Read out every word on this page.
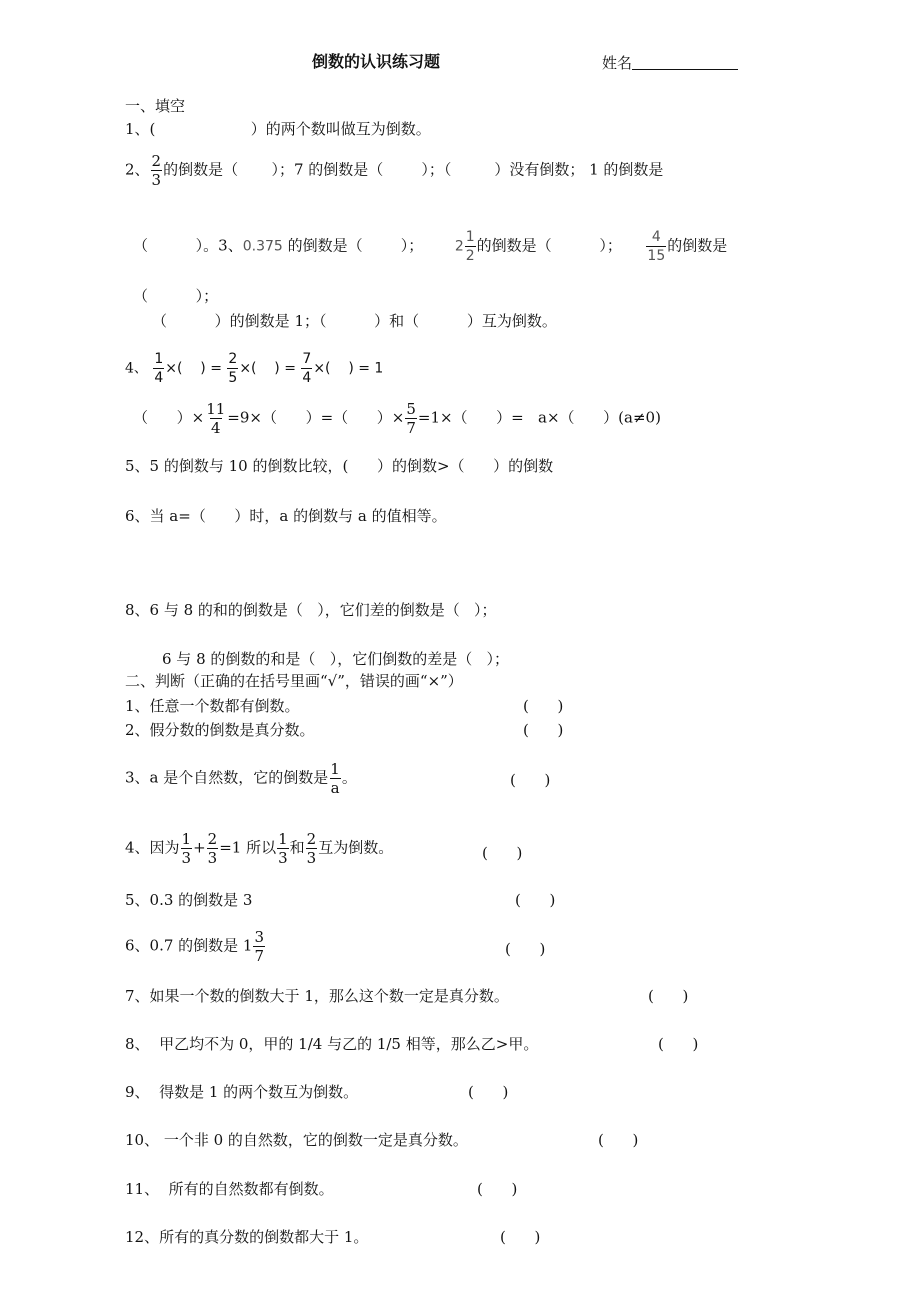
倒数的认识练习题	姓名
一、填空
1、(                    ）的两个数叫做互为倒数。
2、 $\frac{2}{3}$ 的倒数是（       ）；7 的倒数是（        ）；（         ）没有倒数； 1 的倒数是
（          ）。3、0.375 的倒数是（        ）； $2 \frac{1}{2}$ 的倒数是（          ）； $\frac{4}{15}$ 的倒数是
（          ）；
（          ）的倒数是 1；（          ）和（          ）互为倒数。
4、 $\frac{1}{4}$ ×(    ) = $\frac{2}{5}$ ×(    ) = $\frac{7}{4}$ ×(    ) = 1
（      ）× $\frac{11}{4} =9\times$（      ）=（      ）× $\frac{5}{7} =1\times$（      ）=   a×（      ）(a≠0)
5、5 的倒数与 10 的倒数比较，(      ）的倒数>（      ）的倒数
6、当 a=（      ）时，a 的倒数与 a 的值相等。
8、6 与 8 的和的倒数是（   ），它们差的倒数是（   ）；
6 与 8 的倒数的和是（   ），它们倒数的差是（   ）；
二、判断（正确的在括号里画“√”，错误的画“×”）
1、任意一个数都有倒数。	(      )
2、假分数的倒数是真分数。	(      )
3、a 是个自然数，它的倒数是 $\frac{1}{a}$ 。	(      )
4、因为 $\frac{1}{3} + \frac{2}{3} =1$ 所以 $\frac{1}{3}$ 和 $\frac{2}{3}$ 互为倒数。	(      )
5、0.3 的倒数是 3	(      )
6、0.7 的倒数是 $1 \frac{3}{7}$	(      )
7、如果一个数的倒数大于 1，那么这个数一定是真分数。	(      )
8、  甲乙均不为 0，甲的 1/4 与乙的 1/5 相等，那么乙>甲。	(      )
9、  得数是 1 的两个数互为倒数。	(      )
10、 一个非 0 的自然数，它的倒数一定是真分数。	(      )
11、  所有的自然数都有倒数。	(      )
12、所有的真分数的倒数都大于 1。	(      )
